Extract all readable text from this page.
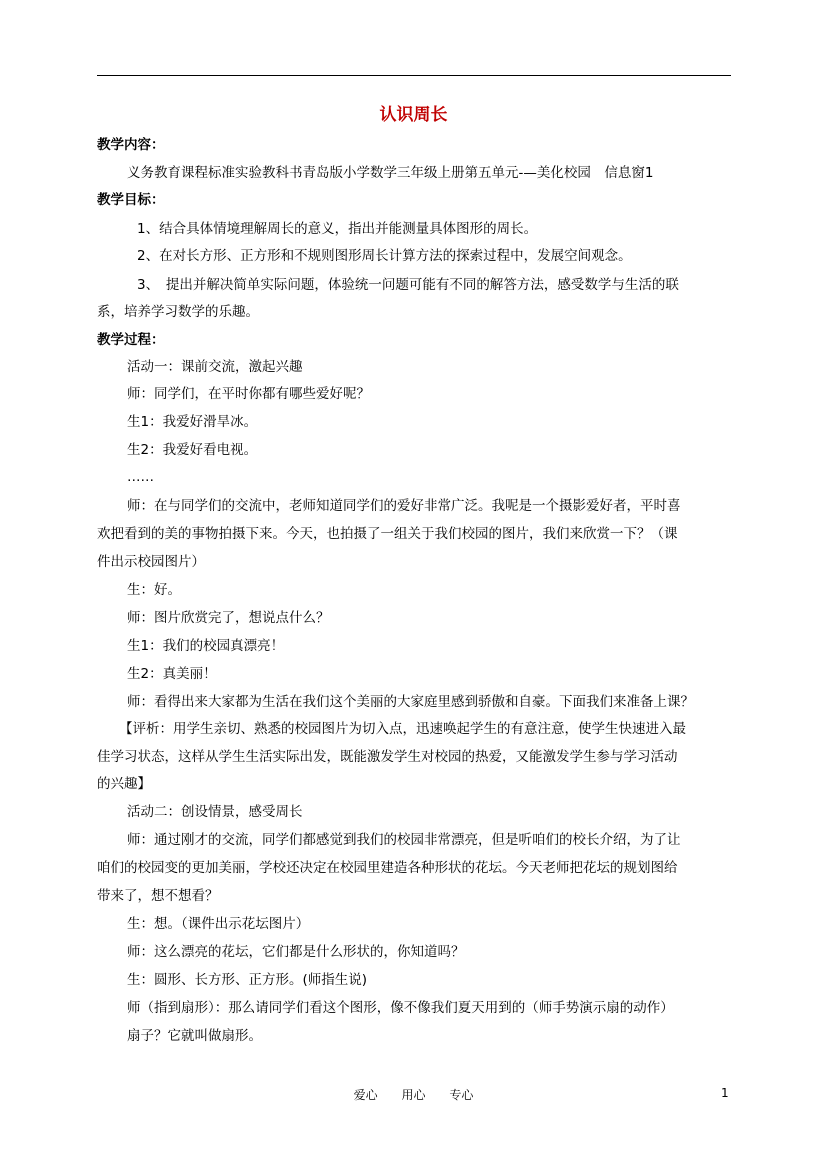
认识周长
教学内容：
义务教育课程标准实验教科书青岛版小学数学三年级上册第五单元-—美化校园　信息窗1
教学目标：
1、结合具体情境理解周长的意义，指出并能测量具体图形的周长。
2、在对长方形、正方形和不规则图形周长计算方法的探索过程中，发展空间观念。
3、　提出并解决简单实际问题，体验统一问题可能有不同的解答方法，感受数学与生活的联
系，培养学习数学的乐趣。
教学过程：
活动一：课前交流，激起兴趣
师：同学们，在平时你都有哪些爱好呢？
生1：我爱好滑旱冰。
生2：我爱好看电视。
……
师：在与同学们的交流中，老师知道同学们的爱好非常广泛。我呢是一个摄影爱好者，平时喜
欢把看到的美的事物拍摄下来。今天，也拍摄了一组关于我们校园的图片，我们来欣赏一下？（课
件出示校园图片）
生：好。
师：图片欣赏完了，想说点什么？
生1：我们的校园真漂亮！
生2：真美丽！
师：看得出来大家都为生活在我们这个美丽的大家庭里感到骄傲和自豪。下面我们来准备上课？
【评析：用学生亲切、熟悉的校园图片为切入点，迅速唤起学生的有意注意，使学生快速进入最
佳学习状态，这样从学生生活实际出发，既能激发学生对校园的热爱，又能激发学生参与学习活动
的兴趣】
活动二：创设情景，感受周长
师：通过刚才的交流，同学们都感觉到我们的校园非常漂亮，但是听咱们的校长介绍，为了让
咱们的校园变的更加美丽，学校还决定在校园里建造各种形状的花坛。今天老师把花坛的规划图给
带来了，想不想看？
生：想。（课件出示花坛图片）
师：这么漂亮的花坛，它们都是什么形状的，你知道吗？
生：圆形、长方形、正方形。(师指生说)
师（指到扇形）：那么请同学们看这个图形，像不像我们夏天用到的（师手势演示扇的动作）
扇子？它就叫做扇形。
爱心 用心 专心	1
